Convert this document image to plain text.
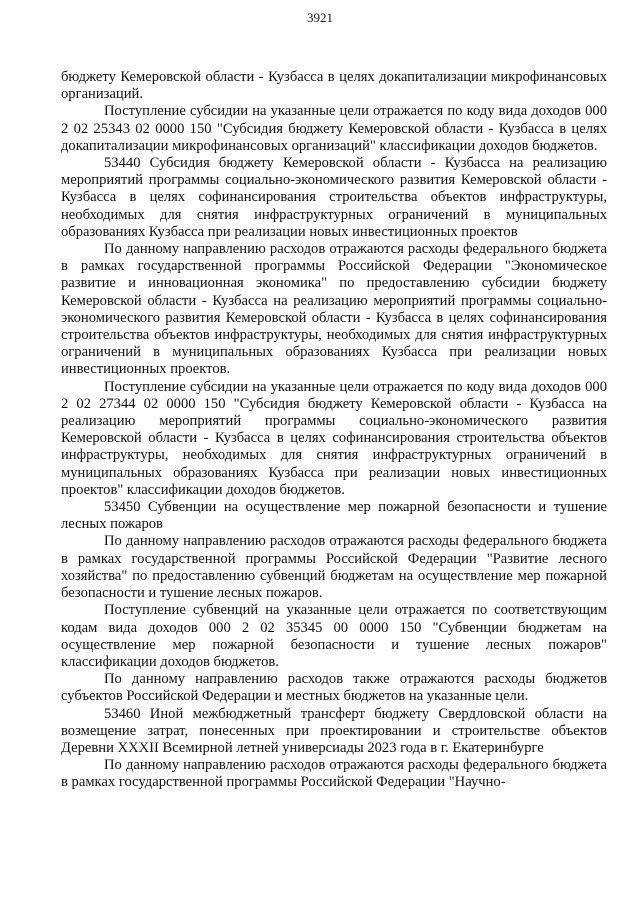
3921

бюджету Кемеровской области - Кузбасса в целях докапитализации микрофинансовых организаций.

Поступление субсидии на указанные цели отражается по коду вида доходов 000 2 02 25343 02 0000 150 "Субсидия бюджету Кемеровской области - Кузбасса в целях докапитализации микрофинансовых организаций" классификации доходов бюджетов.

53440 Субсидия бюджету Кемеровской области - Кузбасса на реализацию мероприятий программы социально-экономического развития Кемеровской области - Кузбасса в целях софинансирования строительства объектов инфраструктуры, необходимых для снятия инфраструктурных ограничений в муниципальных образованиях Кузбасса при реализации новых инвестиционных проектов

По данному направлению расходов отражаются расходы федерального бюджета в рамках государственной программы Российской Федерации "Экономическое развитие и инновационная экономика" по предоставлению субсидии бюджету Кемеровской области - Кузбасса на реализацию мероприятий программы социально-экономического развития Кемеровской области - Кузбасса в целях софинансирования строительства объектов инфраструктуры, необходимых для снятия инфраструктурных ограничений в муниципальных образованиях Кузбасса при реализации новых инвестиционных проектов.

Поступление субсидии на указанные цели отражается по коду вида доходов 000 2 02 27344 02 0000 150 "Субсидия бюджету Кемеровской области - Кузбасса на реализацию мероприятий программы социально-экономического развития Кемеровской области - Кузбасса в целях софинансирования строительства объектов инфраструктуры, необходимых для снятия инфраструктурных ограничений в муниципальных образованиях Кузбасса при реализации новых инвестиционных проектов" классификации доходов бюджетов.

53450 Субвенции на осуществление мер пожарной безопасности и тушение лесных пожаров

По данному направлению расходов отражаются расходы федерального бюджета в рамках государственной программы Российской Федерации "Развитие лесного хозяйства" по предоставлению субвенций бюджетам на осуществление мер пожарной безопасности и тушение лесных пожаров.

Поступление субвенций на указанные цели отражается по соответствующим кодам вида доходов 000 2 02 35345 00 0000 150 "Субвенции бюджетам на осуществление мер пожарной безопасности и тушение лесных пожаров" классификации доходов бюджетов.

По данному направлению расходов также отражаются расходы бюджетов субъектов Российской Федерации и местных бюджетов на указанные цели.

53460 Иной межбюджетный трансферт бюджету Свердловской области на возмещение затрат, понесенных при проектировании и строительстве объектов Деревни XXXII Всемирной летней универсиады 2023 года в г. Екатеринбурге

По данному направлению расходов отражаются расходы федерального бюджета в рамках государственной программы Российской Федерации "Научно-
